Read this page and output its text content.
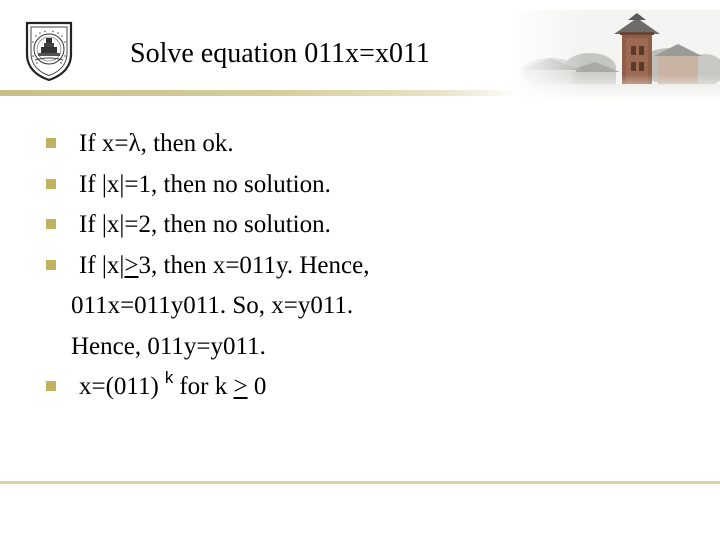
Solve equation 011x=x011
If x=λ, then ok.
If |x|=1, then no solution.
If |x|=2, then no solution.
If |x|≥3, then x=011y. Hence,
011x=011y011. So, x=y011.
Hence, 011y=y011.
x=(011) $^k$ for k ≥ 0
